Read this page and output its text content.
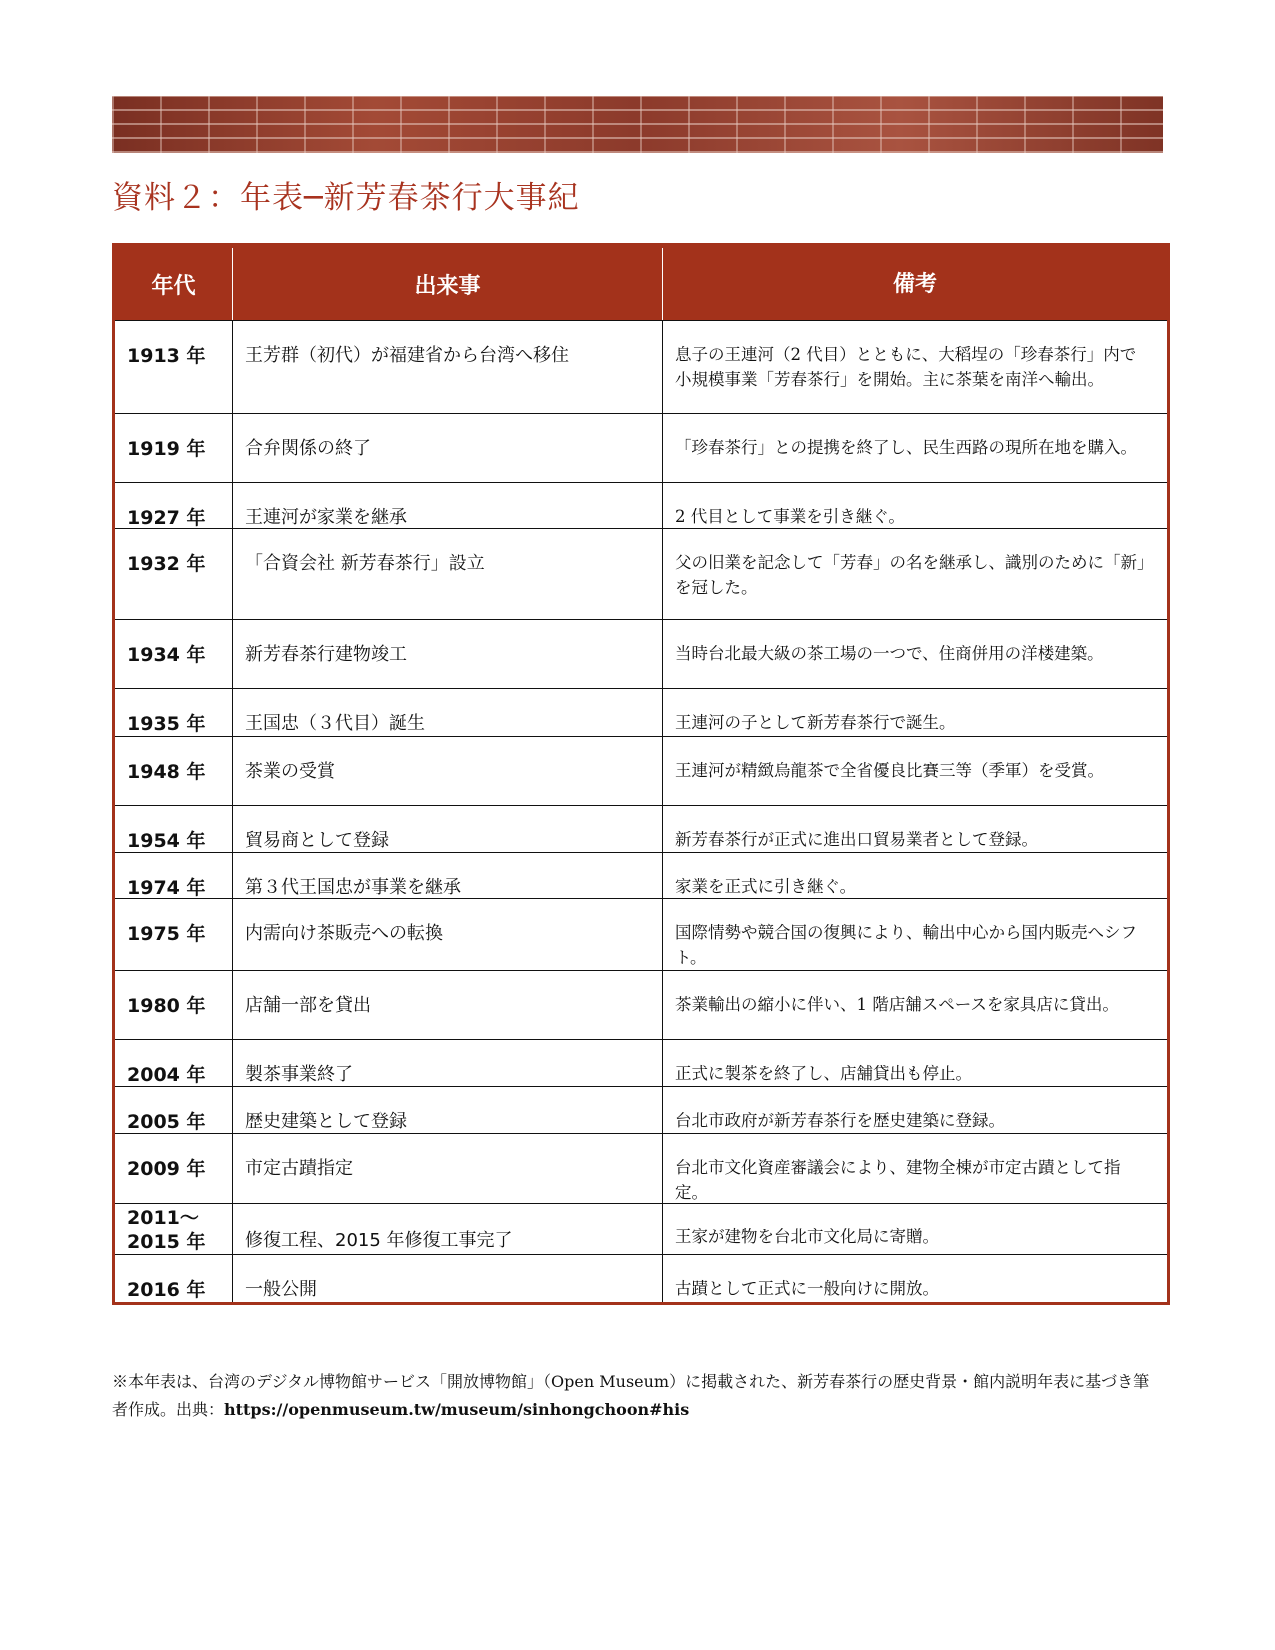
資料２：年表─新芳春茶行大事紀
年代	出来事	備考
1913 年	王芳群（初代）が福建省から台湾へ移住	息子の王連河（2 代目）とともに、大稻埕の「珍春茶行」内で小規模事業「芳春茶行」を開始。主に茶葉を南洋へ輸出。
1919 年	合弁関係の終了	「珍春茶行」との提携を終了し、民生西路の現所在地を購入。
1927 年	王連河が家業を継承	2 代目として事業を引き継ぐ。
1932 年	「合資会社 新芳春茶行」設立	父の旧業を記念して「芳春」の名を継承し、識別のために「新」を冠した。
1934 年	新芳春茶行建物竣工	当時台北最大級の茶工場の一つで、住商併用の洋楼建築。
1935 年	王国忠（３代目）誕生	王連河の子として新芳春茶行で誕生。
1948 年	茶業の受賞	王連河が精緻烏龍茶で全省優良比賽三等（季軍）を受賞。
1954 年	貿易商として登録	新芳春茶行が正式に進出口貿易業者として登録。
1974 年	第３代王国忠が事業を継承	家業を正式に引き継ぐ。
1975 年	内需向け茶販売への転換	国際情勢や競合国の復興により、輸出中心から国内販売へシフト。
1980 年	店舗一部を貸出	茶業輸出の縮小に伴い、1 階店舗スペースを家具店に貸出。
2004 年	製茶事業終了	正式に製茶を終了し、店舗貸出も停止。
2005 年	歴史建築として登録	台北市政府が新芳春茶行を歴史建築に登録。
2009 年	市定古蹟指定	台北市文化資産審議会により、建物全棟が市定古蹟として指定。
2011～2015 年	修復工程、2015 年修復工事完了	王家が建物を台北市文化局に寄贈。
2016 年	一般公開	古蹟として正式に一般向けに開放。

※本年表は、台湾のデジタル博物館サービス「開放博物館」（Open Museum）に掲載された、新芳春茶行の歴史背景・館内説明年表に基づき筆者作成。出典：https://openmuseum.tw/museum/sinhongchoon#his
